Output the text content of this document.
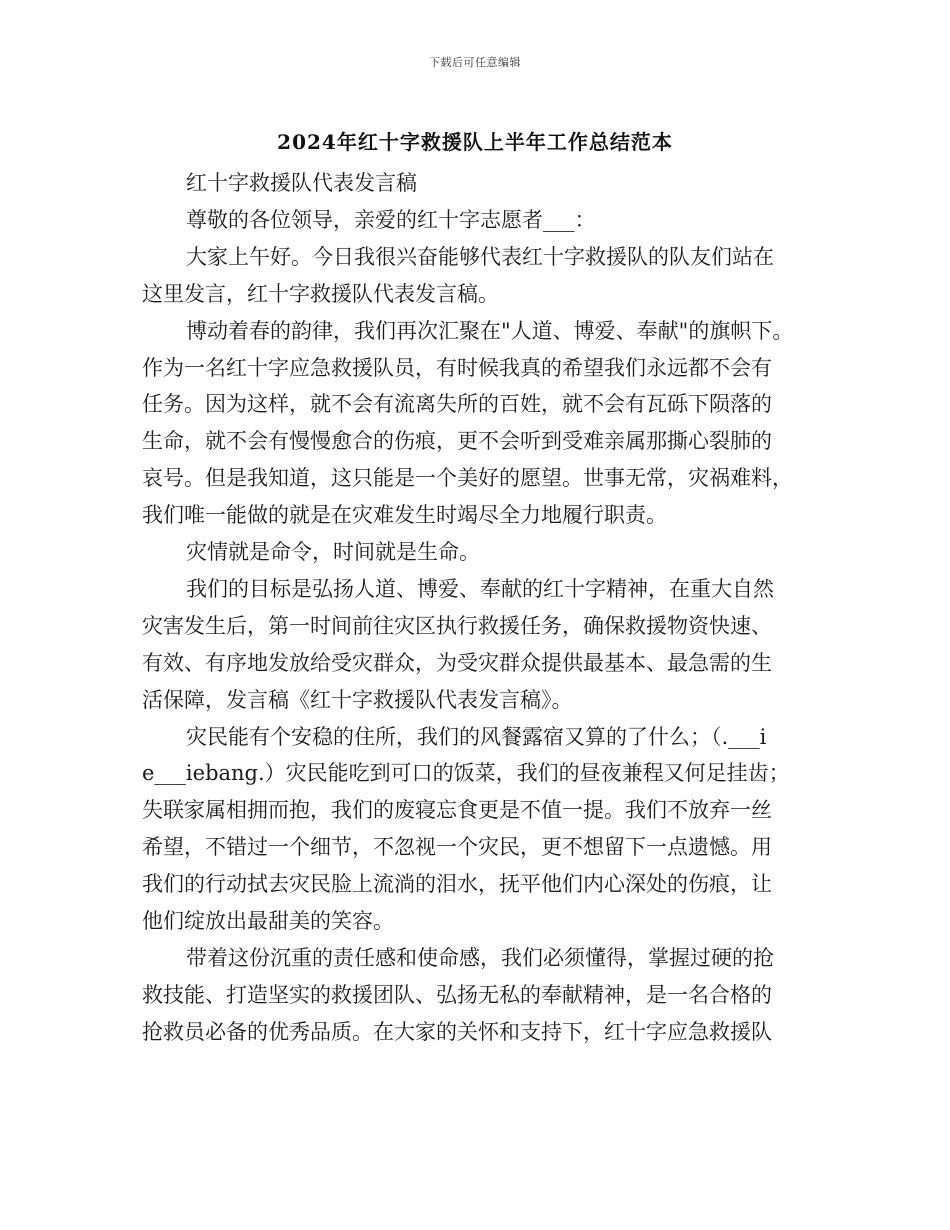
下载后可任意编辑
2024年红十字救援队上半年工作总结范本
红十字救援队代表发言稿
尊敬的各位领导，亲爱的红十字志愿者___：
大家上午好。今日我很兴奋能够代表红十字救援队的队友们站在
这里发言，红十字救援队代表发言稿。
博动着春的韵律，我们再次汇聚在"人道、博爱、奉献"的旗帜下。
作为一名红十字应急救援队员，有时候我真的希望我们永远都不会有
任务。因为这样，就不会有流离失所的百姓，就不会有瓦砾下陨落的
生命，就不会有慢慢愈合的伤痕，更不会听到受难亲属那撕心裂肺的
哀号。但是我知道，这只能是一个美好的愿望。世事无常，灾祸难料，
我们唯一能做的就是在灾难发生时竭尽全力地履行职责。
灾情就是命令，时间就是生命。
我们的目标是弘扬人道、博爱、奉献的红十字精神，在重大自然
灾害发生后，第一时间前往灾区执行救援任务，确保救援物资快速、
有效、有序地发放给受灾群众，为受灾群众提供最基本、最急需的生
活保障，发言稿《红十字救援队代表发言稿》。
灾民能有个安稳的住所，我们的风餐露宿又算的了什么；（.___i
e___iebang.）灾民能吃到可口的饭菜，我们的昼夜兼程又何足挂齿；
失联家属相拥而抱，我们的废寝忘食更是不值一提。我们不放弃一丝
希望，不错过一个细节，不忽视一个灾民，更不想留下一点遗憾。用
我们的行动拭去灾民脸上流淌的泪水，抚平他们内心深处的伤痕，让
他们绽放出最甜美的笑容。
带着这份沉重的责任感和使命感，我们必须懂得，掌握过硬的抢
救技能、打造坚实的救援团队、弘扬无私的奉献精神，是一名合格的
抢救员必备的优秀品质。在大家的关怀和支持下，红十字应急救援队
